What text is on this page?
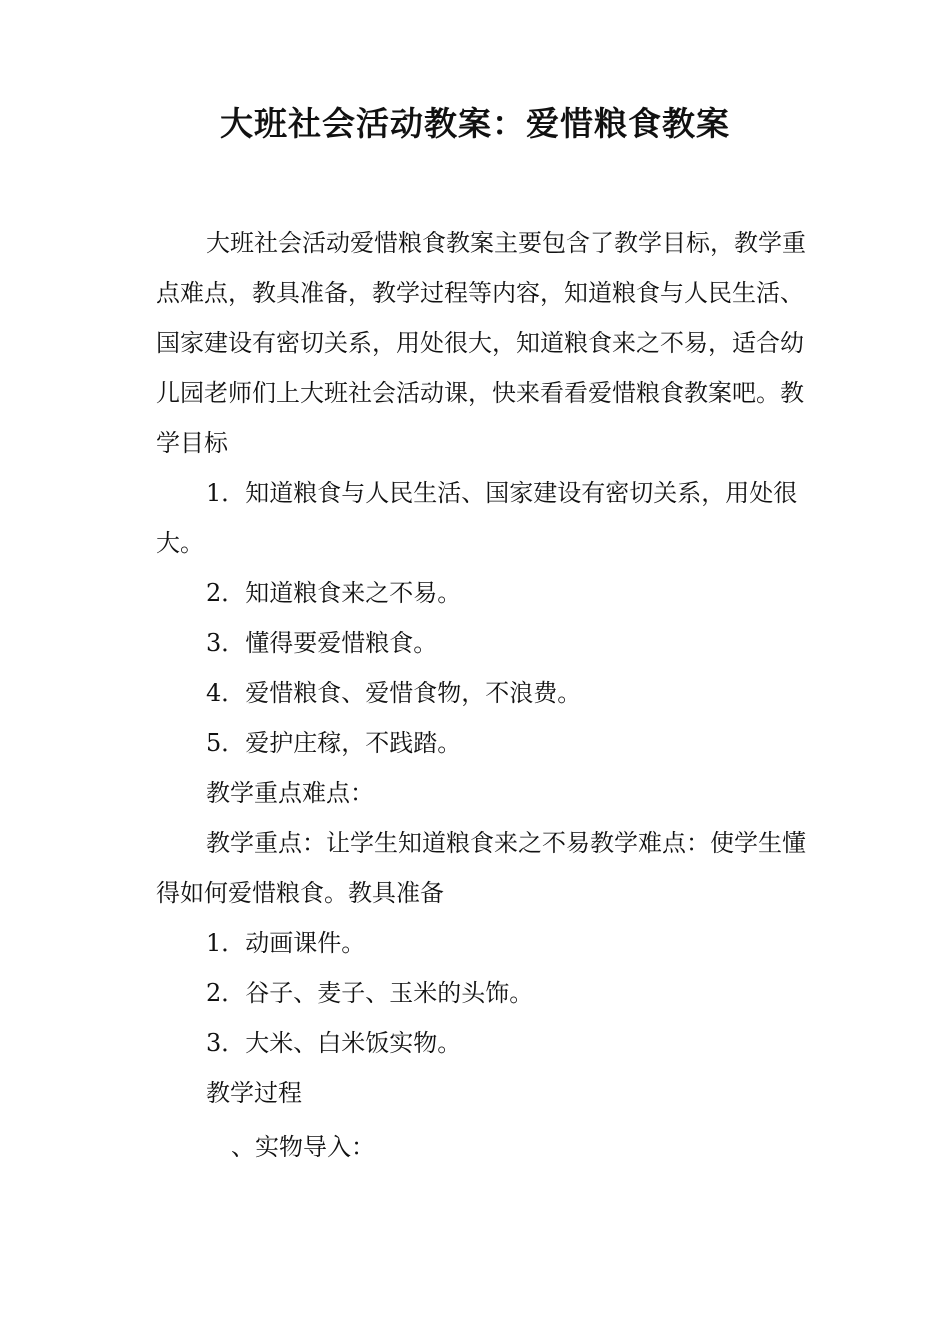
大班社会活动教案：爱惜粮食教案

大班社会活动爱惜粮食教案主要包含了教学目标，教学重点难点，教具准备，教学过程等内容，知道粮食与人民生活、国家建设有密切关系，用处很大，知道粮食来之不易，适合幼儿园老师们上大班社会活动课，快来看看爱惜粮食教案吧。教学目标

1．知道粮食与人民生活、国家建设有密切关系，用处很大。

2．知道粮食来之不易。

3．懂得要爱惜粮食。

4．爱惜粮食、爱惜食物，不浪费。

5．爱护庄稼，不践踏。

教学重点难点：

教学重点：让学生知道粮食来之不易教学难点：使学生懂得如何爱惜粮食。教具准备

1．动画课件。

2．谷子、麦子、玉米的头饰。

3．大米、白米饭实物。

教学过程

、实物导入：
